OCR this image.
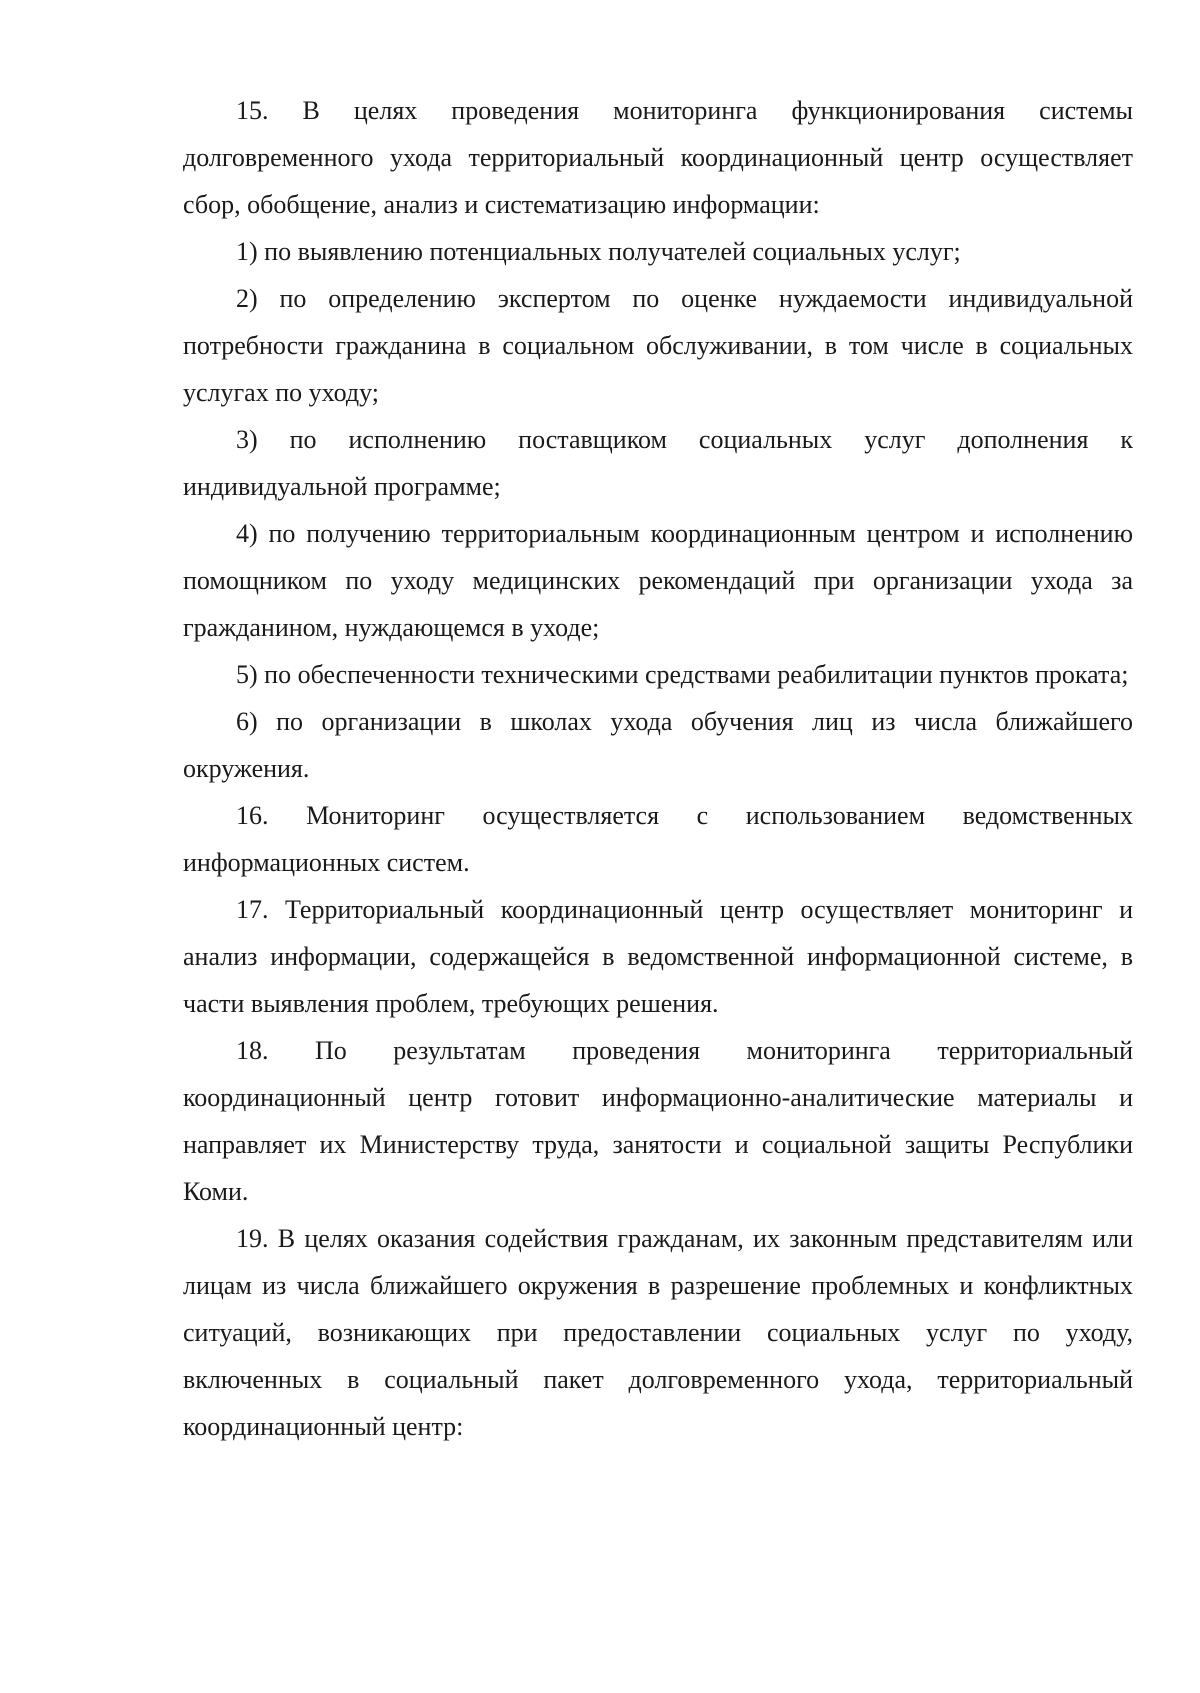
15. В целях проведения мониторинга функционирования системы долговременного ухода территориальный координационный центр осуществляет сбор, обобщение, анализ и систематизацию информации:

1) по выявлению потенциальных получателей социальных услуг;

2) по определению экспертом по оценке нуждаемости индивидуальной потребности гражданина в социальном обслуживании, в том числе в социальных услугах по уходу;

3) по исполнению поставщиком социальных услуг дополнения к индивидуальной программе;

4) по получению территориальным координационным центром и исполнению помощником по уходу медицинских рекомендаций при организации ухода за гражданином, нуждающемся в уходе;

5) по обеспеченности техническими средствами реабилитации пунктов проката;

6) по организации в школах ухода обучения лиц из числа ближайшего окружения.

16. Мониторинг осуществляется с использованием ведомственных информационных систем.

17. Территориальный координационный центр осуществляет мониторинг и анализ информации, содержащейся в ведомственной информационной системе, в части выявления проблем, требующих решения.

18. По результатам проведения мониторинга территориальный координационный центр готовит информационно-аналитические материалы и направляет их Министерству труда, занятости и социальной защиты Республики Коми.

19. В целях оказания содействия гражданам, их законным представителям или лицам из числа ближайшего окружения в разрешение проблемных и конфликтных ситуаций, возникающих при предоставлении социальных услуг по уходу, включенных в социальный пакет долговременного ухода, территориальный координационный центр:
